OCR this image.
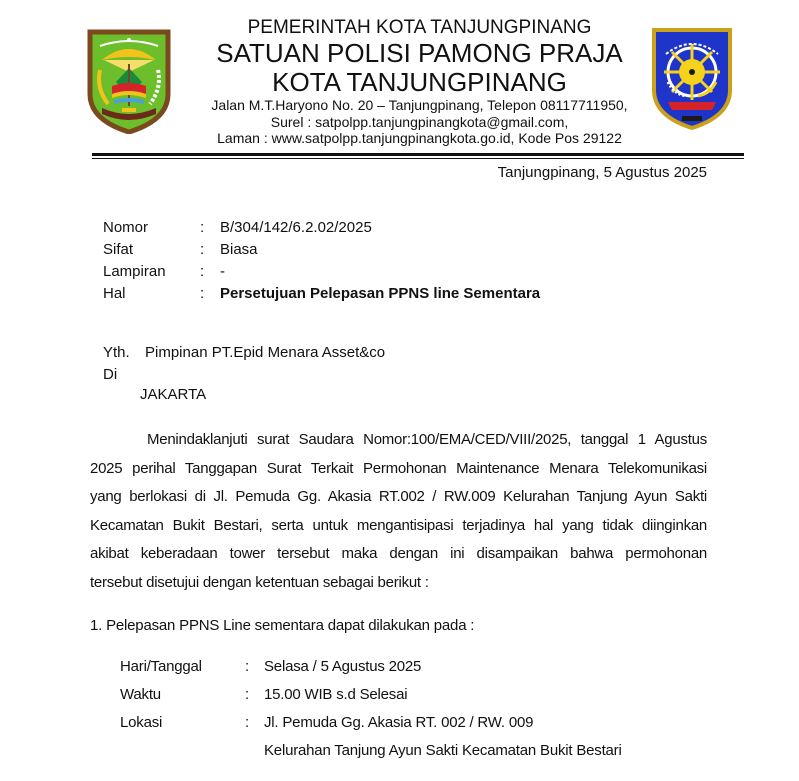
PEMERINTAH KOTA TANJUNGPINANG
SATUAN POLISI PAMONG PRAJA
KOTA TANJUNGPINANG
Jalan M.T.Haryono No. 20 – Tanjungpinang, Telepon 08117711950,
Surel : satpolpp.tanjungpinangkota@gmail.com,
Laman : www.satpolpp.tanjungpinangkota.go.id, Kode Pos 29122
Tanjungpinang, 5 Agustus 2025
Nomor	: B/304/142/6.2.02/2025
Sifat	: Biasa
Lampiran : -
Hal	: Persetujuan Pelepasan PPNS line Sementara
Yth. Pimpinan PT.Epid Menara Asset&co
Di
JAKARTA
Menindaklanjuti surat Saudara Nomor:100/EMA/CED/VIII/2025, tanggal 1 Agustus
2025 perihal Tanggapan Surat Terkait Permohonan Maintenance Menara Telekomunikasi
yang berlokasi di Jl. Pemuda Gg. Akasia RT.002 / RW.009 Kelurahan Tanjung Ayun Sakti
Kecamatan Bukit Bestari, serta untuk mengantisipasi terjadinya hal yang tidak diinginkan
akibat keberadaan tower tersebut maka dengan ini disampaikan bahwa permohonan
tersebut disetujui dengan ketentuan sebagai berikut :
1. Pelepasan PPNS Line sementara dapat dilakukan pada :
Hari/Tanggal	: Selasa / 5 Agustus 2025
Waktu	: 15.00 WIB s.d Selesai
Lokasi	: Jl. Pemuda Gg. Akasia RT. 002 / RW. 009
Kelurahan Tanjung Ayun Sakti Kecamatan Bukit Bestari
